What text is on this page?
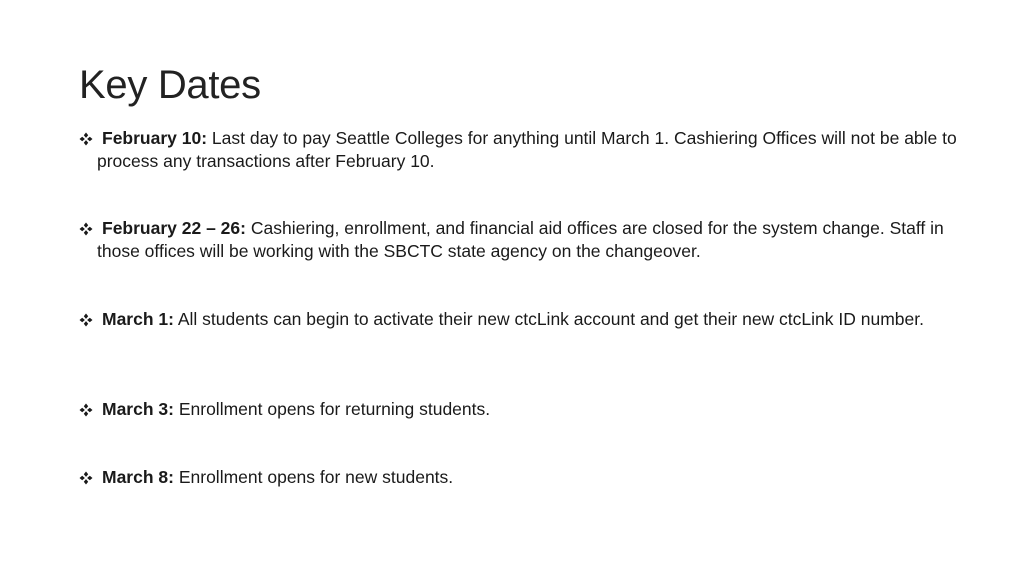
Key Dates
February 10: Last day to pay Seattle Colleges for anything until March 1. Cashiering Offices will not be able to process any transactions after February 10.
February 22 – 26: Cashiering, enrollment, and financial aid offices are closed for the system change. Staff in those offices will be working with the SBCTC state agency on the changeover.
March 1: All students can begin to activate their new ctcLink account and get their new ctcLink ID number.
March 3: Enrollment opens for returning students.
March 8: Enrollment opens for new students.
